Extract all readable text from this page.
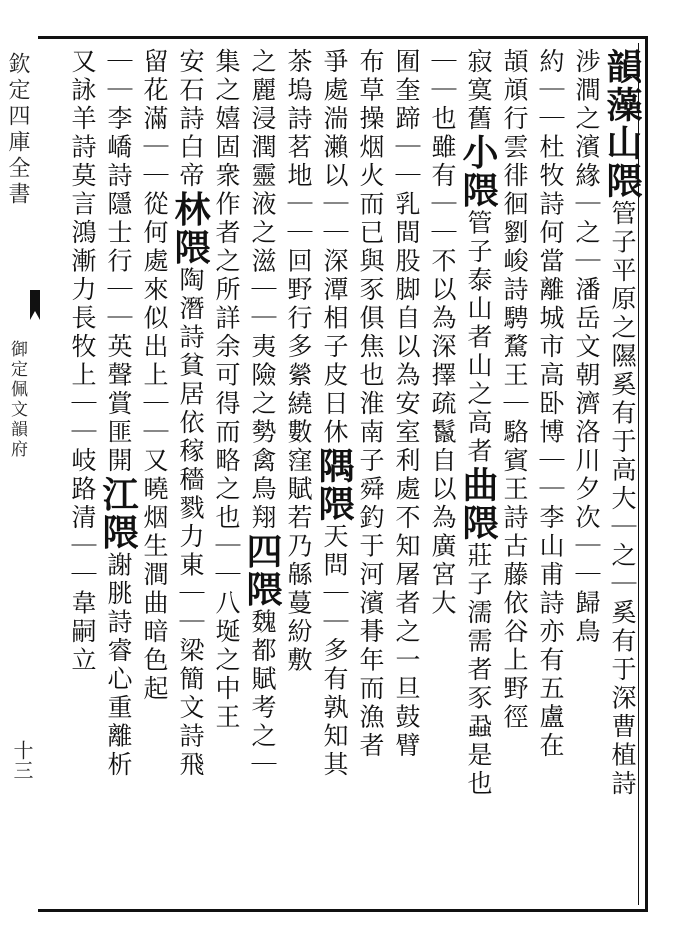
欽定四庫全書
御定佩文韻府
十三
韻藻山隈管子平原之隰奚有于高大｜之｜奚有于深曹植詩
涉澗之濱緣｜之｜潘岳文朝濟洛川夕次｜｜歸鳥
約｜｜杜牧詩何當離城市高卧博｜｜李山甫詩亦有五盧在
頡頏行雲徘徊劉峻詩騁騖王｜駱賓王詩古藤依谷上野徑
寂寞舊小隈管子泰山者山之高者曲隈莊子濡需者豕蝨是也
｜｜也雖有｜｜不以為深擇疏鬣自以為廣宮大
囿奎蹄｜｜乳間股脚自以為安室利處不知屠者之一旦鼓臂
布草操烟火而已與豕俱焦也淮南子舜釣于河濱朞年而漁者
爭處湍瀨以｜｜深潭相子皮日休隅隈天問｜｜多有孰知其
茶塢詩茗地｜｜回野行多縈繞數窪賦若乃緜蔓紛敷
之麗浸潤靈液之滋｜｜夷險之勢禽鳥翔四隈魏都賦考之｜
集之嬉固衆作者之所詳余可得而略之也｜｜八埏之中王
安石詩白帝林隈陶潛詩貧居依稼穡戮力東｜｜梁簡文詩飛
留花滿｜｜從何處來似出上｜｜又曉烟生澗曲暗色起
｜｜李嶠詩隱士行｜｜英聲賞匪開江隈謝朓詩睿心重離析
又詠羊詩莫言鴻漸力長牧上｜｜岐路清｜｜韋嗣立
